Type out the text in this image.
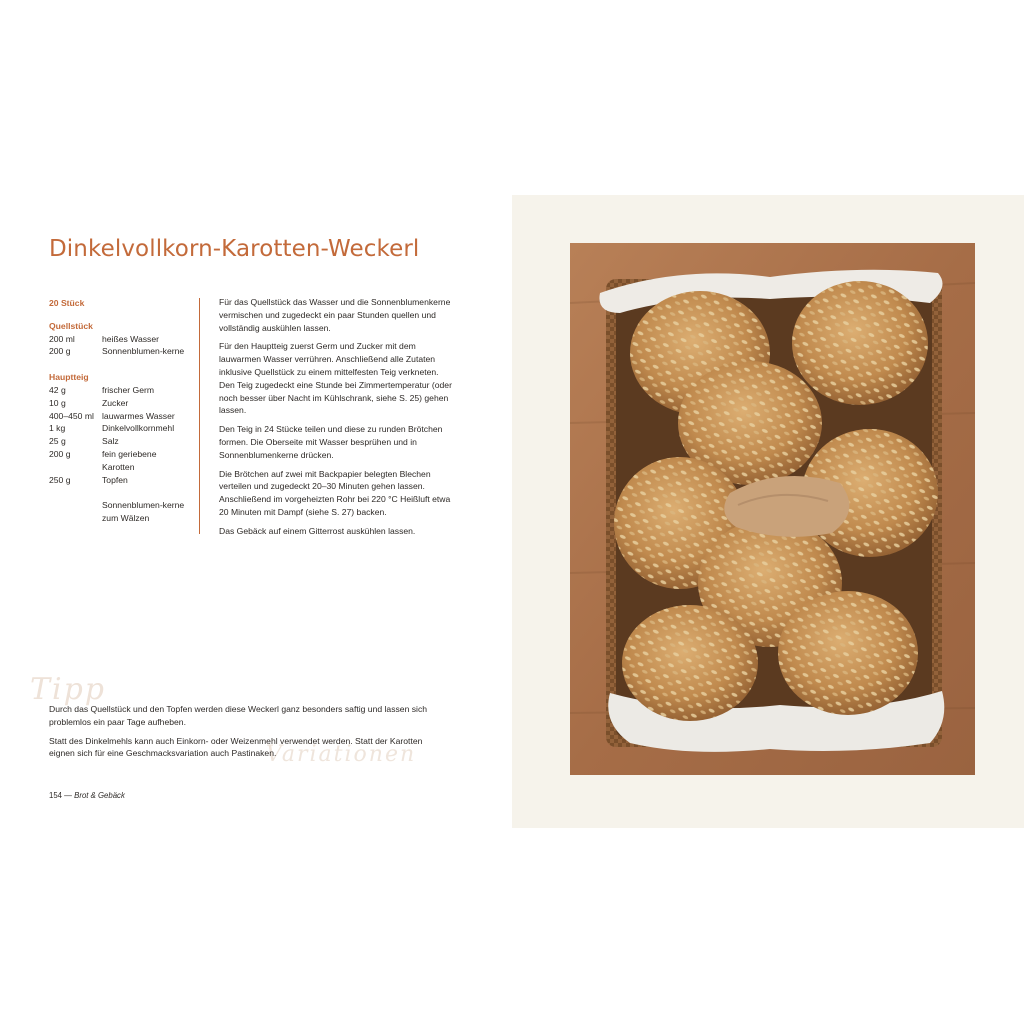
Dinkelvollkorn-Karotten-Weckerl
20 Stück
Quellstück
200 ml	heißes Wasser
200 g	Sonnenblumen-kerne
Hauptteig
42 g	frischer Germ
10 g	Zucker
400–450 ml lauwarmes Wasser
1 kg	Dinkelvollkornmehl
25 g	Salz
200 g	fein geriebene Karotten
250 g	Topfen
Sonnenblumen-kerne zum Wälzen

Für das Quellstück das Wasser und die Sonnenblumenkerne vermischen und zugedeckt ein paar Stunden quellen und vollständig auskühlen lassen.

Für den Hauptteig zuerst Germ und Zucker mit dem lauwarmen Wasser verrühren. Anschließend alle Zutaten inklusive Quellstück zu einem mittelfesten Teig verkneten. Den Teig zugedeckt eine Stunde bei Zimmertemperatur (oder noch besser über Nacht im Kühlschrank, siehe S. 25) gehen lassen.

Den Teig in 24 Stücke teilen und diese zu runden Brötchen formen. Die Oberseite mit Wasser besprühen und in Sonnenblumenkerne drücken.

Die Brötchen auf zwei mit Backpapier belegten Blechen verteilen und zugedeckt 20–30 Minuten gehen lassen. Anschließend im vorgeheizten Rohr bei 220 °C Heißluft etwa 20 Minuten mit Dampf (siehe S. 27) backen.

Das Gebäck auf einem Gitterrost auskühlen lassen.

Tipp
Variationen

Durch das Quellstück und den Topfen werden diese Weckerl ganz besonders saftig und lassen sich problemlos ein paar Tage aufheben.

Statt des Dinkelmehls kann auch Einkorn- oder Weizenmehl verwendet werden. Statt der Karotten eignen sich für eine Geschmacksvariation auch Pastinaken.

154 — Brot & Gebäck
